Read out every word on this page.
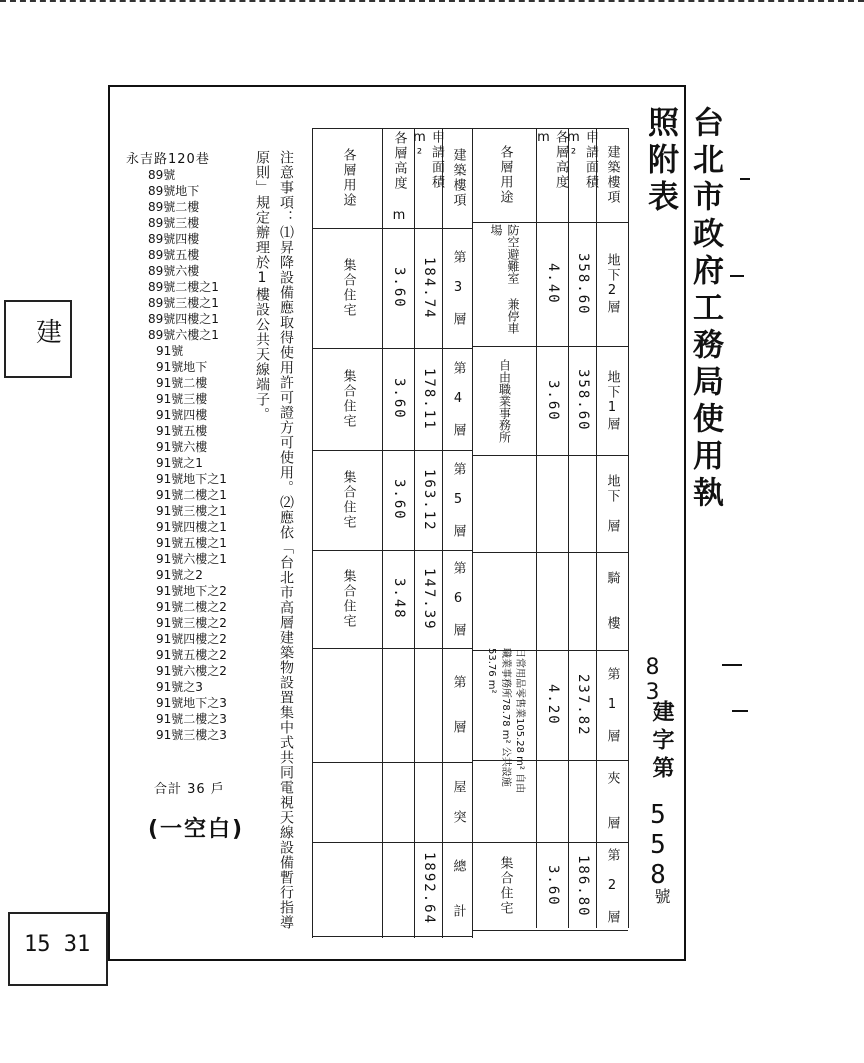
建
15 31
台北市政府工務局使用執照附表
83
建字第
558
號
建築樓項
申請面積 m²
各層高度 m
各層用途
地下2層
358.60
4.40
防空避難室 兼停車場
地下1層
358.60
3.60
自由職業事務所
地下　層
騎　　樓
第　1　層
237.82
4.20
日常用品零售業105.28 m² 自由職業事務所78.78 m² 公共設施53.76 m²
夾　　層
第　2　層
186.80
3.60
集合住宅
建築樓項
申請面積 m²
各層高度 m
各層用途
第　3　層
184.74
3.60
集合住宅
第　4　層
178.11
3.60
集合住宅
第　5　層
163.12
3.60
集合住宅
第　6　層
147.39
3.48
集合住宅
第　　層
屋　突
總　　計
1892.64
注意事項：⑴昇降設備應取得使用許可證方可使用。⑵應依「台北市高層建築物設置集中式共同電視天線設備暫行指導原則」規定辦理於1樓設公共天線端子。
永吉路120巷
89號
89號地下
89號二樓
89號三樓
89號四樓
89號五樓
89號六樓
89號二樓之1
89號三樓之1
89號四樓之1
89號六樓之1
91號
91號地下
91號二樓
91號三樓
91號四樓
91號五樓
91號六樓
91號之1
91號地下之1
91號二樓之1
91號三樓之1
91號四樓之1
91號五樓之1
91號六樓之1
91號之2
91號地下之2
91號二樓之2
91號三樓之2
91號四樓之2
91號五樓之2
91號六樓之2
91號之3
91號地下之3
91號二樓之3
91號三樓之3
合計 36 戶
(一空白)
